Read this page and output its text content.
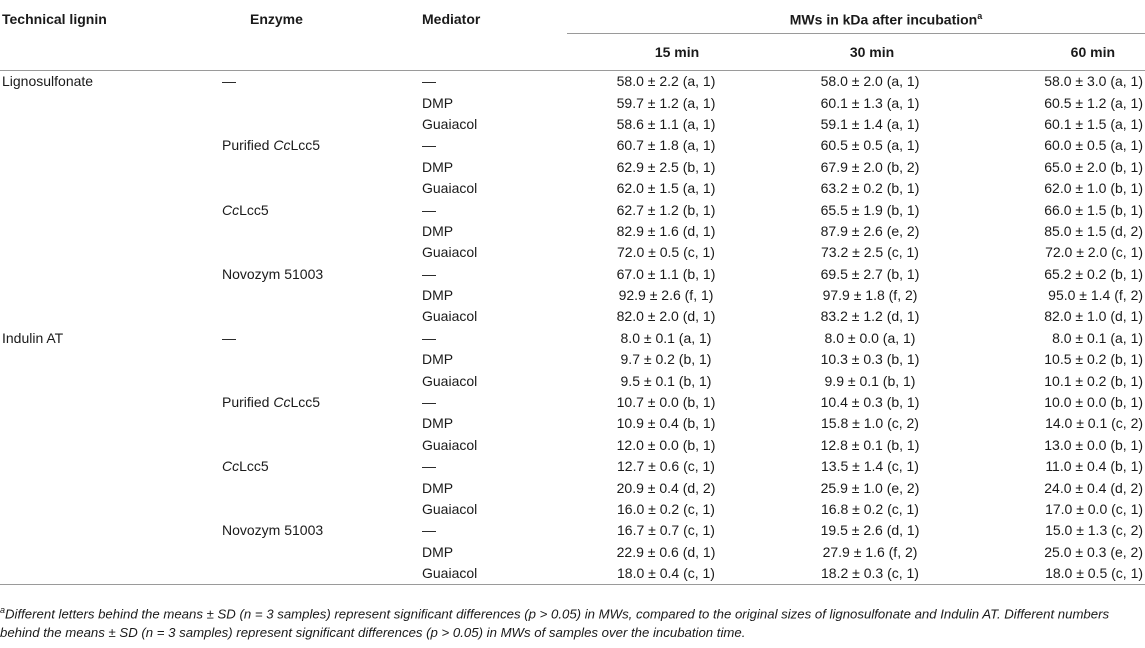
Technical lignin	Enzyme	Mediator	MWs in kDa after incubation$^a$
			15 min	30 min	60 min
Lignosulfonate	—	—	58.0 ± 2.2 (a, 1)	58.0 ± 2.0 (a, 1)	58.0 ± 3.0 (a, 1)
		DMP	59.7 ± 1.2 (a, 1)	60.1 ± 1.3 (a, 1)	60.5 ± 1.2 (a, 1)
		Guaiacol	58.6 ± 1.1 (a, 1)	59.1 ± 1.4 (a, 1)	60.1 ± 1.5 (a, 1)
	Purified CcLcc5	—	60.7 ± 1.8 (a, 1)	60.5 ± 0.5 (a, 1)	60.0 ± 0.5 (a, 1)
		DMP	62.9 ± 2.5 (b, 1)	67.9 ± 2.0 (b, 2)	65.0 ± 2.0 (b, 1)
		Guaiacol	62.0 ± 1.5 (a, 1)	63.2 ± 0.2 (b, 1)	62.0 ± 1.0 (b, 1)
	CcLcc5	—	62.7 ± 1.2 (b, 1)	65.5 ± 1.9 (b, 1)	66.0 ± 1.5 (b, 1)
		DMP	82.9 ± 1.6 (d, 1)	87.9 ± 2.6 (e, 2)	85.0 ± 1.5 (d, 2)
		Guaiacol	72.0 ± 0.5 (c, 1)	73.2 ± 2.5 (c, 1)	72.0 ± 2.0 (c, 1)
	Novozym 51003	—	67.0 ± 1.1 (b, 1)	69.5 ± 2.7 (b, 1)	65.2 ± 0.2 (b, 1)
		DMP	92.9 ± 2.6 (f, 1)	97.9 ± 1.8 (f, 2)	95.0 ± 1.4 (f, 2)
		Guaiacol	82.0 ± 2.0 (d, 1)	83.2 ± 1.2 (d, 1)	82.0 ± 1.0 (d, 1)
Indulin AT	—	—	8.0 ± 0.1 (a, 1)	8.0 ± 0.0 (a, 1)	8.0 ± 0.1 (a, 1)
		DMP	9.7 ± 0.2 (b, 1)	10.3 ± 0.3 (b, 1)	10.5 ± 0.2 (b, 1)
		Guaiacol	9.5 ± 0.1 (b, 1)	9.9 ± 0.1 (b, 1)	10.1 ± 0.2 (b, 1)
	Purified CcLcc5	—	10.7 ± 0.0 (b, 1)	10.4 ± 0.3 (b, 1)	10.0 ± 0.0 (b, 1)
		DMP	10.9 ± 0.4 (b, 1)	15.8 ± 1.0 (c, 2)	14.0 ± 0.1 (c, 2)
		Guaiacol	12.0 ± 0.0 (b, 1)	12.8 ± 0.1 (b, 1)	13.0 ± 0.0 (b, 1)
	CcLcc5	—	12.7 ± 0.6 (c, 1)	13.5 ± 1.4 (c, 1)	11.0 ± 0.4 (b, 1)
		DMP	20.9 ± 0.4 (d, 2)	25.9 ± 1.0 (e, 2)	24.0 ± 0.4 (d, 2)
		Guaiacol	16.0 ± 0.2 (c, 1)	16.8 ± 0.2 (c, 1)	17.0 ± 0.0 (c, 1)
	Novozym 51003	—	16.7 ± 0.7 (c, 1)	19.5 ± 2.6 (d, 1)	15.0 ± 1.3 (c, 2)
		DMP	22.9 ± 0.6 (d, 1)	27.9 ± 1.6 (f, 2)	25.0 ± 0.3 (e, 2)
		Guaiacol	18.0 ± 0.4 (c, 1)	18.2 ± 0.3 (c, 1)	18.0 ± 0.5 (c, 1)
$^a$Different letters behind the means ± SD (n = 3 samples) represent significant differences (p > 0.05) in MWs, compared to the original sizes of lignosulfonate and Indulin AT. Different numbers behind the means ± SD (n = 3 samples) represent significant differences (p > 0.05) in MWs of samples over the incubation time.
